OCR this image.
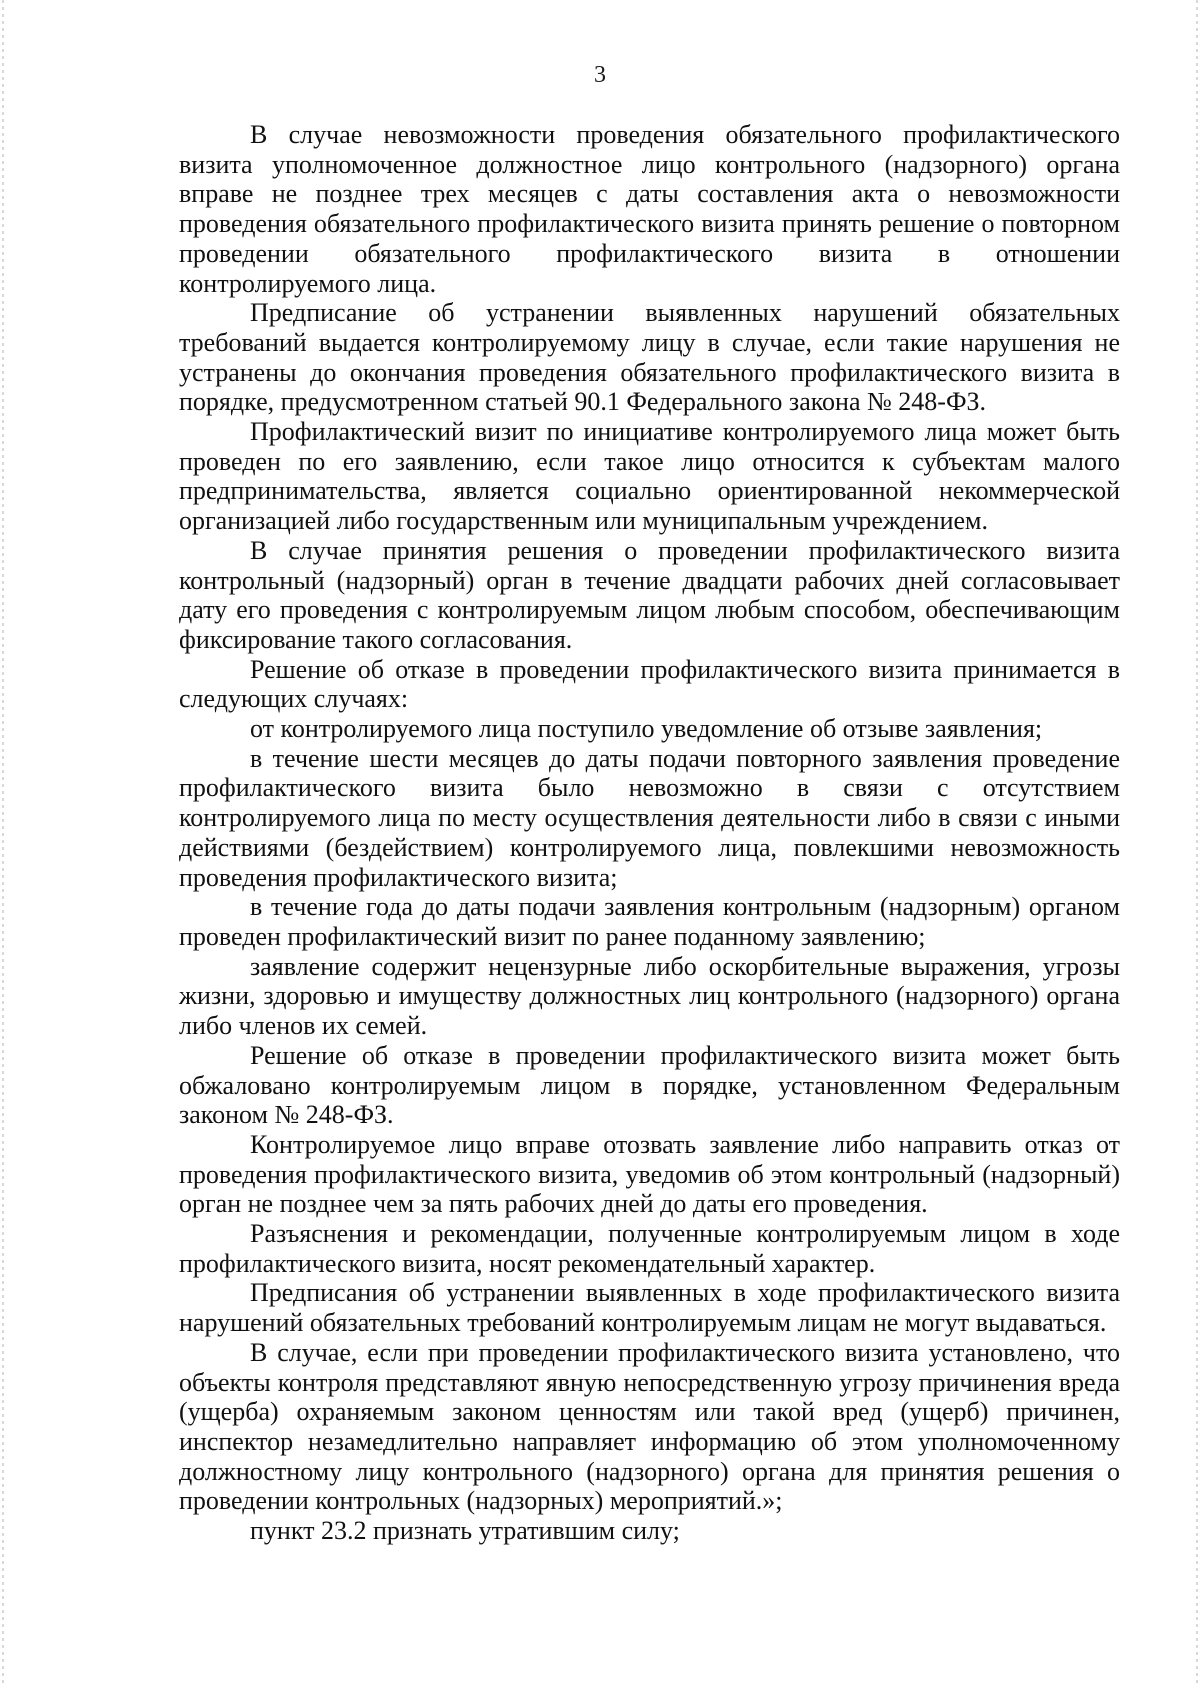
3

В случае невозможности проведения обязательного профилактического визита уполномоченное должностное лицо контрольного (надзорного) органа вправе не позднее трех месяцев с даты составления акта о невозможности проведения обязательного профилактического визита принять решение о повторном проведении обязательного профилактического визита в отношении контролируемого лица.

Предписание об устранении выявленных нарушений обязательных требований выдается контролируемому лицу в случае, если такие нарушения не устранены до окончания проведения обязательного профилактического визита в порядке, предусмотренном статьей 90.1 Федерального закона № 248-ФЗ.

Профилактический визит по инициативе контролируемого лица может быть проведен по его заявлению, если такое лицо относится к субъектам малого предпринимательства, является социально ориентированной некоммерческой организацией либо государственным или муниципальным учреждением.

В случае принятия решения о проведении профилактического визита контрольный (надзорный) орган в течение двадцати рабочих дней согласовывает дату его проведения с контролируемым лицом любым способом, обеспечивающим фиксирование такого согласования.

Решение об отказе в проведении профилактического визита принимается в следующих случаях:

от контролируемого лица поступило уведомление об отзыве заявления;

в течение шести месяцев до даты подачи повторного заявления проведение профилактического визита было невозможно в связи с отсутствием контролируемого лица по месту осуществления деятельности либо в связи с иными действиями (бездействием) контролируемого лица, повлекшими невозможность проведения профилактического визита;

в течение года до даты подачи заявления контрольным (надзорным) органом проведен профилактический визит по ранее поданному заявлению;

заявление содержит нецензурные либо оскорбительные выражения, угрозы жизни, здоровью и имуществу должностных лиц контрольного (надзорного) органа либо членов их семей.

Решение об отказе в проведении профилактического визита может быть обжаловано контролируемым лицом в порядке, установленном Федеральным законом № 248-ФЗ.

Контролируемое лицо вправе отозвать заявление либо направить отказ от проведения профилактического визита, уведомив об этом контрольный (надзорный) орган не позднее чем за пять рабочих дней до даты его проведения.

Разъяснения и рекомендации, полученные контролируемым лицом в ходе профилактического визита, носят рекомендательный характер.

Предписания об устранении выявленных в ходе профилактического визита нарушений обязательных требований контролируемым лицам не могут выдаваться.

В случае, если при проведении профилактического визита установлено, что объекты контроля представляют явную непосредственную угрозу причинения вреда (ущерба) охраняемым законом ценностям или такой вред (ущерб) причинен, инспектор незамедлительно направляет информацию об этом уполномоченному должностному лицу контрольного (надзорного) органа для принятия решения о проведении контрольных (надзорных) мероприятий.»;

пункт 23.2 признать утратившим силу;
